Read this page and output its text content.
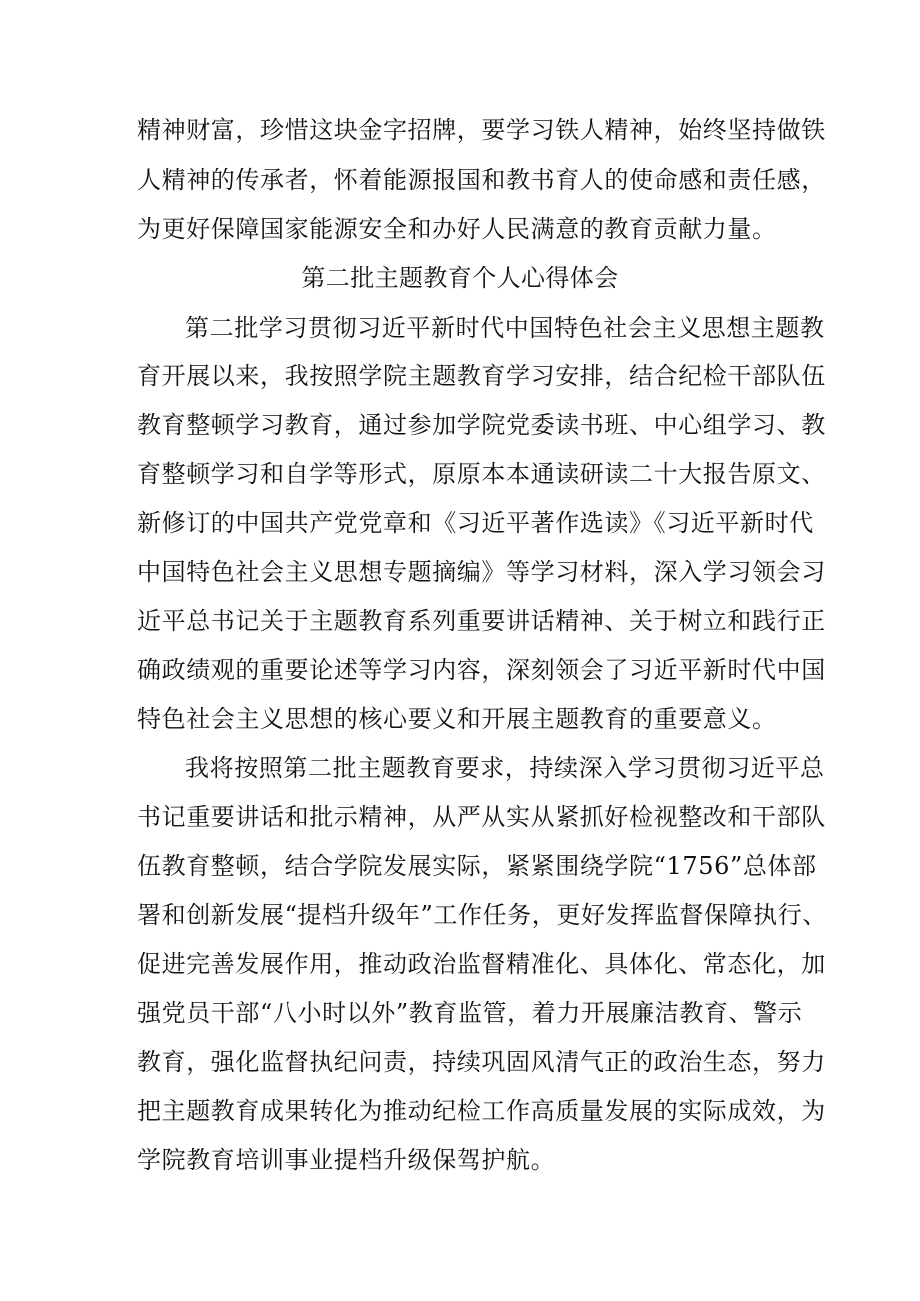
精神财富，珍惜这块金字招牌，要学习铁人精神，始终坚持做铁
人精神的传承者，怀着能源报国和教书育人的使命感和责任感，
为更好保障国家能源安全和办好人民满意的教育贡献力量。
第二批主题教育个人心得体会
第二批学习贯彻习近平新时代中国特色社会主义思想主题教
育开展以来，我按照学院主题教育学习安排，结合纪检干部队伍
教育整顿学习教育，通过参加学院党委读书班、中心组学习、教
育整顿学习和自学等形式，原原本本通读研读二十大报告原文、
新修订的中国共产党党章和《习近平著作选读》《习近平新时代
中国特色社会主义思想专题摘编》等学习材料，深入学习领会习
近平总书记关于主题教育系列重要讲话精神、关于树立和践行正
确政绩观的重要论述等学习内容，深刻领会了习近平新时代中国
特色社会主义思想的核心要义和开展主题教育的重要意义。
我将按照第二批主题教育要求，持续深入学习贯彻习近平总
书记重要讲话和批示精神，从严从实从紧抓好检视整改和干部队
伍教育整顿，结合学院发展实际，紧紧围绕学院“1756”总体部
署和创新发展“提档升级年”工作任务，更好发挥监督保障执行、
促进完善发展作用，推动政治监督精准化、具体化、常态化，加
强党员干部“八小时以外”教育监管，着力开展廉洁教育、警示
教育，强化监督执纪问责，持续巩固风清气正的政治生态，努力
把主题教育成果转化为推动纪检工作高质量发展的实际成效，为
学院教育培训事业提档升级保驾护航。
